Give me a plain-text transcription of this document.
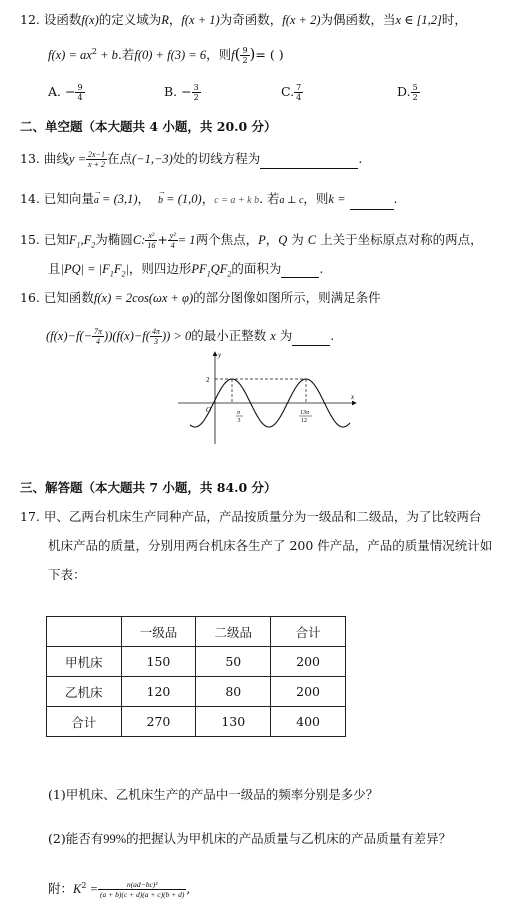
12. 设函数f(x)的定义域为R，f(x + 1)为奇函数，f(x + 2)为偶函数，当x ∈ [1,2]时，
$f(x) = ax^2 + b$.若f(0) + f(3) = 6，则$f( \frac{9}{2}$ )= ( )
A. − $\frac{9}{4}$	B. − $\frac{3}{2}$	C. $\frac{7}{4}$	D. $\frac{5}{2}$
二、单空题（本大题共 4 小题，共 20.0 分）
13. 曲线$y = \frac{2x-1}{x + 2}$ 在点(−1,−3)处的切线方程为	.
14. 已知向量→ a = (3,1)， → b = (1,0)，c = a + k b. 若a ⊥ c，则k =	.
15. 已知$F_1,F_2$为椭圆C: $\frac{\text{x²}}{16} + \frac{\text{y²}}{4} = 1$两个焦点，P，Q 为 C 上关于坐标原点对称的两点，
且$|PQ| = |F_1F_2|$，则四边形$PF_1QF_2$的面积为	.
16. 已知函数f(x) = 2cos(ωx + φ)的部分图像如图所示，则满足条件
$(f(x)-f(- \frac{7\pi}{4} ))(f(x)-f( \frac{4\pi}{3}$ )) > 0的最小正整数 x 为	.
y
x
O
2
π
3
13π
12
三、解答题（本大题共 7 小题，共 84.0 分）
17. 甲、乙两台机床生产同种产品，产品按质量分为一级品和二级品，为了比较两台
机床产品的质量，分别用两台机床各生产了 200 件产品，产品的质量情况统计如
下表：
	一级品	二级品	合计
甲机床	150	50	200
乙机床	120	80	200
合计	270	130	400
(1)甲机床、乙机床生产的产品中一级品的频率分别是多少？
(2)能否有99%的把握认为甲机床的产品质量与乙机床的产品质量有差异？
附：$K^2 = \frac{\text{n(ad−bc)²}}{(a + b)(c + d)(a + c)(b + d)}$ ,
